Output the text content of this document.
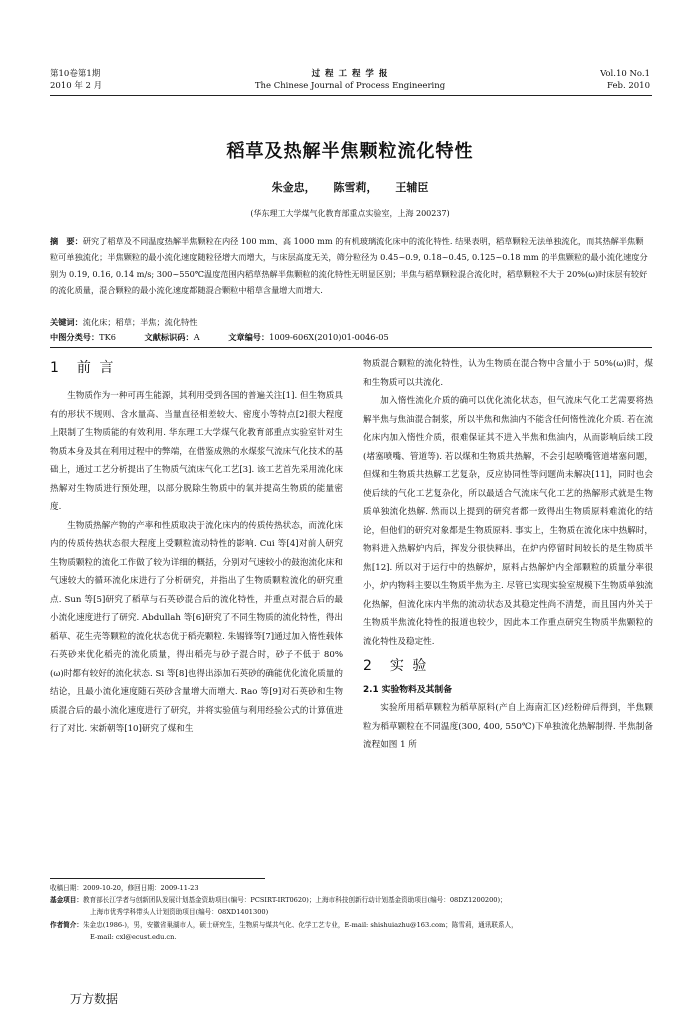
第10卷第1期
2010 年 2 月
过 程 工 程 学 报
The Chinese Journal of Process Engineering
Vol.10 No.1
Feb. 2010
稻草及热解半焦颗粒流化特性
朱金忠， 陈雪莉， 王辅臣
(华东理工大学煤气化教育部重点实验室，上海 200237)
摘　要：研究了稻草及不同温度热解半焦颗粒在内径 100 mm、高 1000 mm 的有机玻璃流化床中的流化特性. 结果表明，稻草颗粒无法单独流化，而其热解半焦颗粒可单独流化；半焦颗粒的最小流化速度随粒径增大而增大，与床层高度无关，筛分粒径为 0.45~0.9, 0.18~0.45, 0.125~0.18 mm 的半焦颗粒的最小流化速度分别为 0.19, 0.16, 0.14 m/s; 300~550℃温度范围内稻草热解半焦颗粒的流化特性无明显区别；半焦与稻草颗粒混合流化时，稻草颗粒不大于 20%(ω)时床层有较好的流化质量，混合颗粒的最小流化速度都随混合颗粒中稻草含量增大而增大.
关键词：流化床；稻草；半焦；流化特性
中图分类号：TK6	文献标识码：A	文章编号：1009-606X(2010)01-0046-05
1　前 言

生物质作为一种可再生能源，其利用受到各国的普遍关注[1]. 但生物质具有的形状不规则、含水量高、当量直径相差较大、密度小等特点[2]很大程度上限制了生物质能的有效利用. 华东理工大学煤气化教育部重点实验室针对生物质本身及其在利用过程中的弊端，在借鉴成熟的水煤浆气流床气化技术的基础上，通过工艺分析提出了生物质气流床气化工艺[3]. 该工艺首先采用流化床热解对生物质进行预处理，以部分脱除生物质中的氧并提高生物质的能量密度.

生物质热解产物的产率和性质取决于流化床内的传质传热状态，而流化床内的传质传热状态很大程度上受颗粒流动特性的影响. Cui 等[4]对前人研究生物质颗粒的流化工作做了较为详细的概括，分别对气速较小的鼓泡流化床和气速较大的循环流化床进行了分析研究，并指出了生物质颗粒流化的研究重点. Sun 等[5]研究了稻草与石英砂混合后的流化特性，并重点对混合后的最小流化速度进行了研究. Abdullah 等[6]研究了不同生物质的流化特性，得出稻草、花生壳等颗粒的流化状态优于稻壳颗粒. 朱锡锋等[7]通过加入惰性载体石英砂来优化稻壳的流化质量，得出稻壳与砂子混合时，砂子不低于 80%(ω)时都有较好的流化状态. Si 等[8]也得出添加石英砂的确能优化流化质量的结论，且最小流化速度随石英砂含量增大而增大. Rao 等[9]对石英砂和生物质混合后的最小流化速度进行了研究，并将实验值与利用经验公式的计算值进行了对比. 宋新朝等[10]研究了煤和生

物质混合颗粒的流化特性，认为生物质在混合物中含量小于 50%(ω)时，煤和生物质可以共流化.

加入惰性流化介质的确可以优化流化状态，但气流床气化工艺需要将热解半焦与焦油混合制浆，所以半焦和焦油内不能含任何惰性流化介质. 若在流化床内加入惰性介质，很难保证其不进入半焦和焦油内，从而影响后续工段(堵塞喷嘴、管道等). 若以煤和生物质共热解，不会引起喷嘴管道堵塞问题，但煤和生物质共热解工艺复杂，反应协同性等问题尚未解决[11]，同时也会使后续的气化工艺复杂化，所以最适合气流床气化工艺的热解形式就是生物质单独流化热解. 然而以上提到的研究者都一致得出生物质原料难流化的结论，但他们的研究对象都是生物质原料. 事实上，生物质在流化床中热解时，物料进入热解炉内后，挥发分很快释出，在炉内停留时间较长的是生物质半焦[12]. 所以对于运行中的热解炉，原料占热解炉内全部颗粒的质量分率很小，炉内物料主要以生物质半焦为主. 尽管已实现实验室规模下生物质单独流化热解，但流化床内半焦的流动状态及其稳定性尚不清楚，而且国内外关于生物质半焦流化特性的报道也较少，因此本工作重点研究生物质半焦颗粒的流化特性及稳定性.

2　实 验
2.1 实验物料及其制备

实验所用稻草颗粒为稻草原料(产自上海南汇区)经粉碎后得到，半焦颗粒为稻草颗粒在不同温度(300, 400, 550℃)下单独流化热解制得. 半焦制备流程如图 1 所

收稿日期：2009-10-20，修回日期：2009-11-23
基金项目：教育部长江学者与创新团队发展计划基金资助项目(编号：PCSIRT-IRT0620)；上海市科技创新行动计划基金资助项目(编号：08DZ1200200)；
上海市优秀学科带头人计划资助项目(编号：08XD1401300)
作者简介：朱金忠(1986-)，男，安徽省巢湖市人，硕士研究生，生物质与煤共气化、化学工艺专业，E-mail: shishuiazhu@163.com；陈雪莉，通讯联系人，
E-mail: cxl@ecust.edu.cn.
万方数据
